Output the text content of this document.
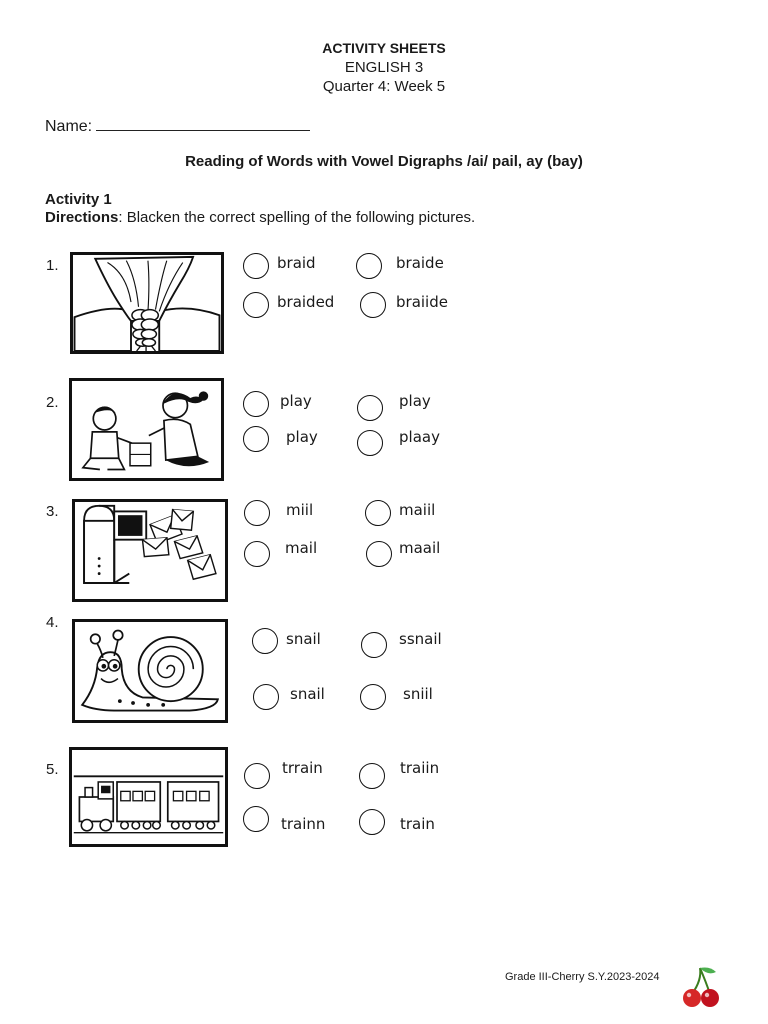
ACTIVITY SHEETS
ENGLISH 3
Quarter 4: Week 5
Name:
Reading of Words with Vowel Digraphs /ai/ pail, ay (bay)
Activity 1
Directions: Blacken the correct spelling of the following pictures.
1.	braid	braide
braided	braiide
2.	play	play
play	plaay
3.	miil	maiil
mail	maail
4.
snail	ssnail
snail	sniil
5.	trrain	traiin
trainn	train
Grade III-Cherry S.Y.2023-2024
